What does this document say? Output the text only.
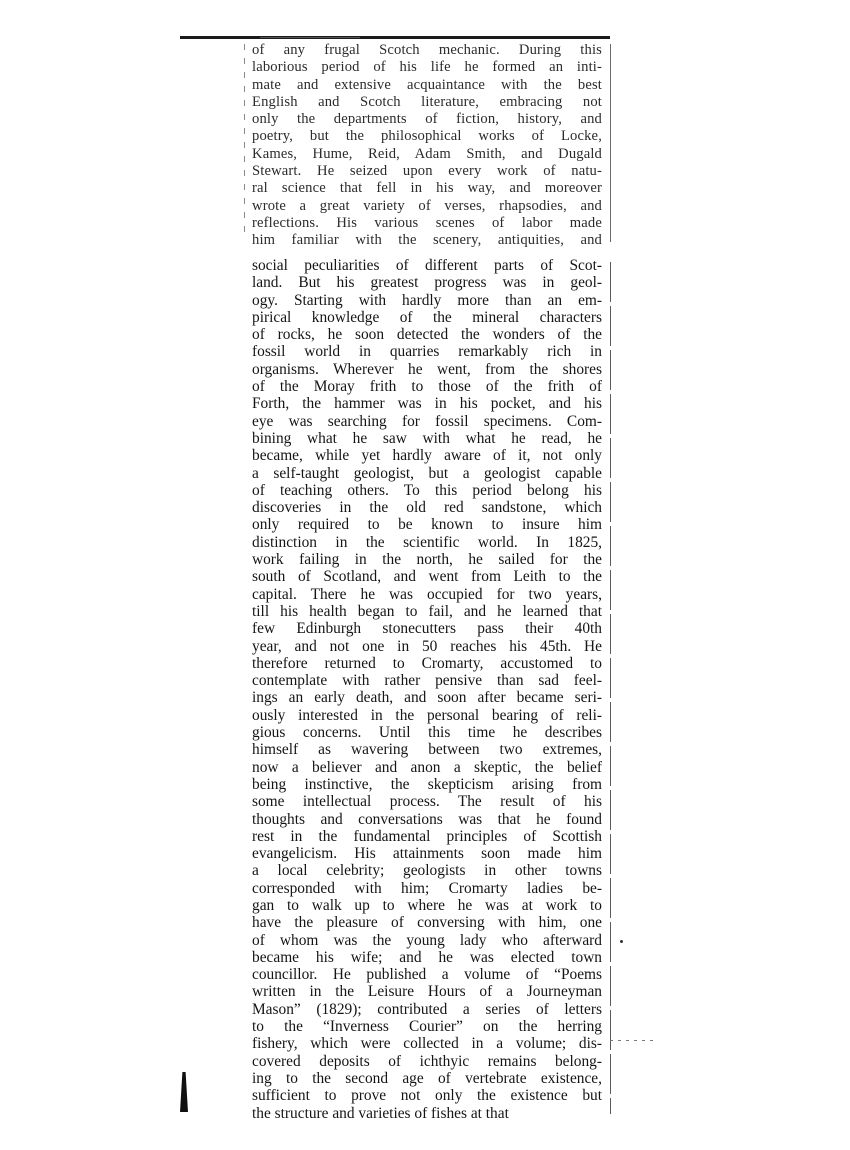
of any frugal Scotch mechanic. During this
laborious period of his life he formed an inti-
mate and extensive acquaintance with the best
English and Scotch literature, embracing not
only the departments of fiction, history, and
poetry, but the philosophical works of Locke,
Kames, Hume, Reid, Adam Smith, and Dugald
Stewart. He seized upon every work of natu-
ral science that fell in his way, and moreover
wrote a great variety of verses, rhapsodies, and
reflections. His various scenes of labor made
him familiar with the scenery, antiquities, and
social peculiarities of different parts of Scot-
land. But his greatest progress was in geol-
ogy. Starting with hardly more than an em-
pirical knowledge of the mineral characters
of rocks, he soon detected the wonders of the
fossil world in quarries remarkably rich in
organisms. Wherever he went, from the shores
of the Moray frith to those of the frith of
Forth, the hammer was in his pocket, and his
eye was searching for fossil specimens. Com-
bining what he saw with what he read, he
became, while yet hardly aware of it, not only
a self-taught geologist, but a geologist capable
of teaching others. To this period belong his
discoveries in the old red sandstone, which
only required to be known to insure him
distinction in the scientific world. In 1825,
work failing in the north, he sailed for the
south of Scotland, and went from Leith to the
capital. There he was occupied for two years,
till his health began to fail, and he learned that
few Edinburgh stonecutters pass their 40th
year, and not one in 50 reaches his 45th. He
therefore returned to Cromarty, accustomed to
contemplate with rather pensive than sad feel-
ings an early death, and soon after became seri-
ously interested in the personal bearing of reli-
gious concerns. Until this time he describes
himself as wavering between two extremes,
now a believer and anon a skeptic, the belief
being instinctive, the skepticism arising from
some intellectual process. The result of his
thoughts and conversations was that he found
rest in the fundamental principles of Scottish
evangelicism. His attainments soon made him
a local celebrity; geologists in other towns
corresponded with him; Cromarty ladies be-
gan to walk up to where he was at work to
have the pleasure of conversing with him, one
of whom was the young lady who afterward
became his wife; and he was elected town
councillor. He published a volume of “Poems
written in the Leisure Hours of a Journeyman
Mason” (1829); contributed a series of letters
to the “Inverness Courier” on the herring
fishery, which were collected in a volume; dis-
covered deposits of ichthyic remains belong-
ing to the second age of vertebrate existence,
sufficient to prove not only the existence but
the structure and varieties of fishes at that
